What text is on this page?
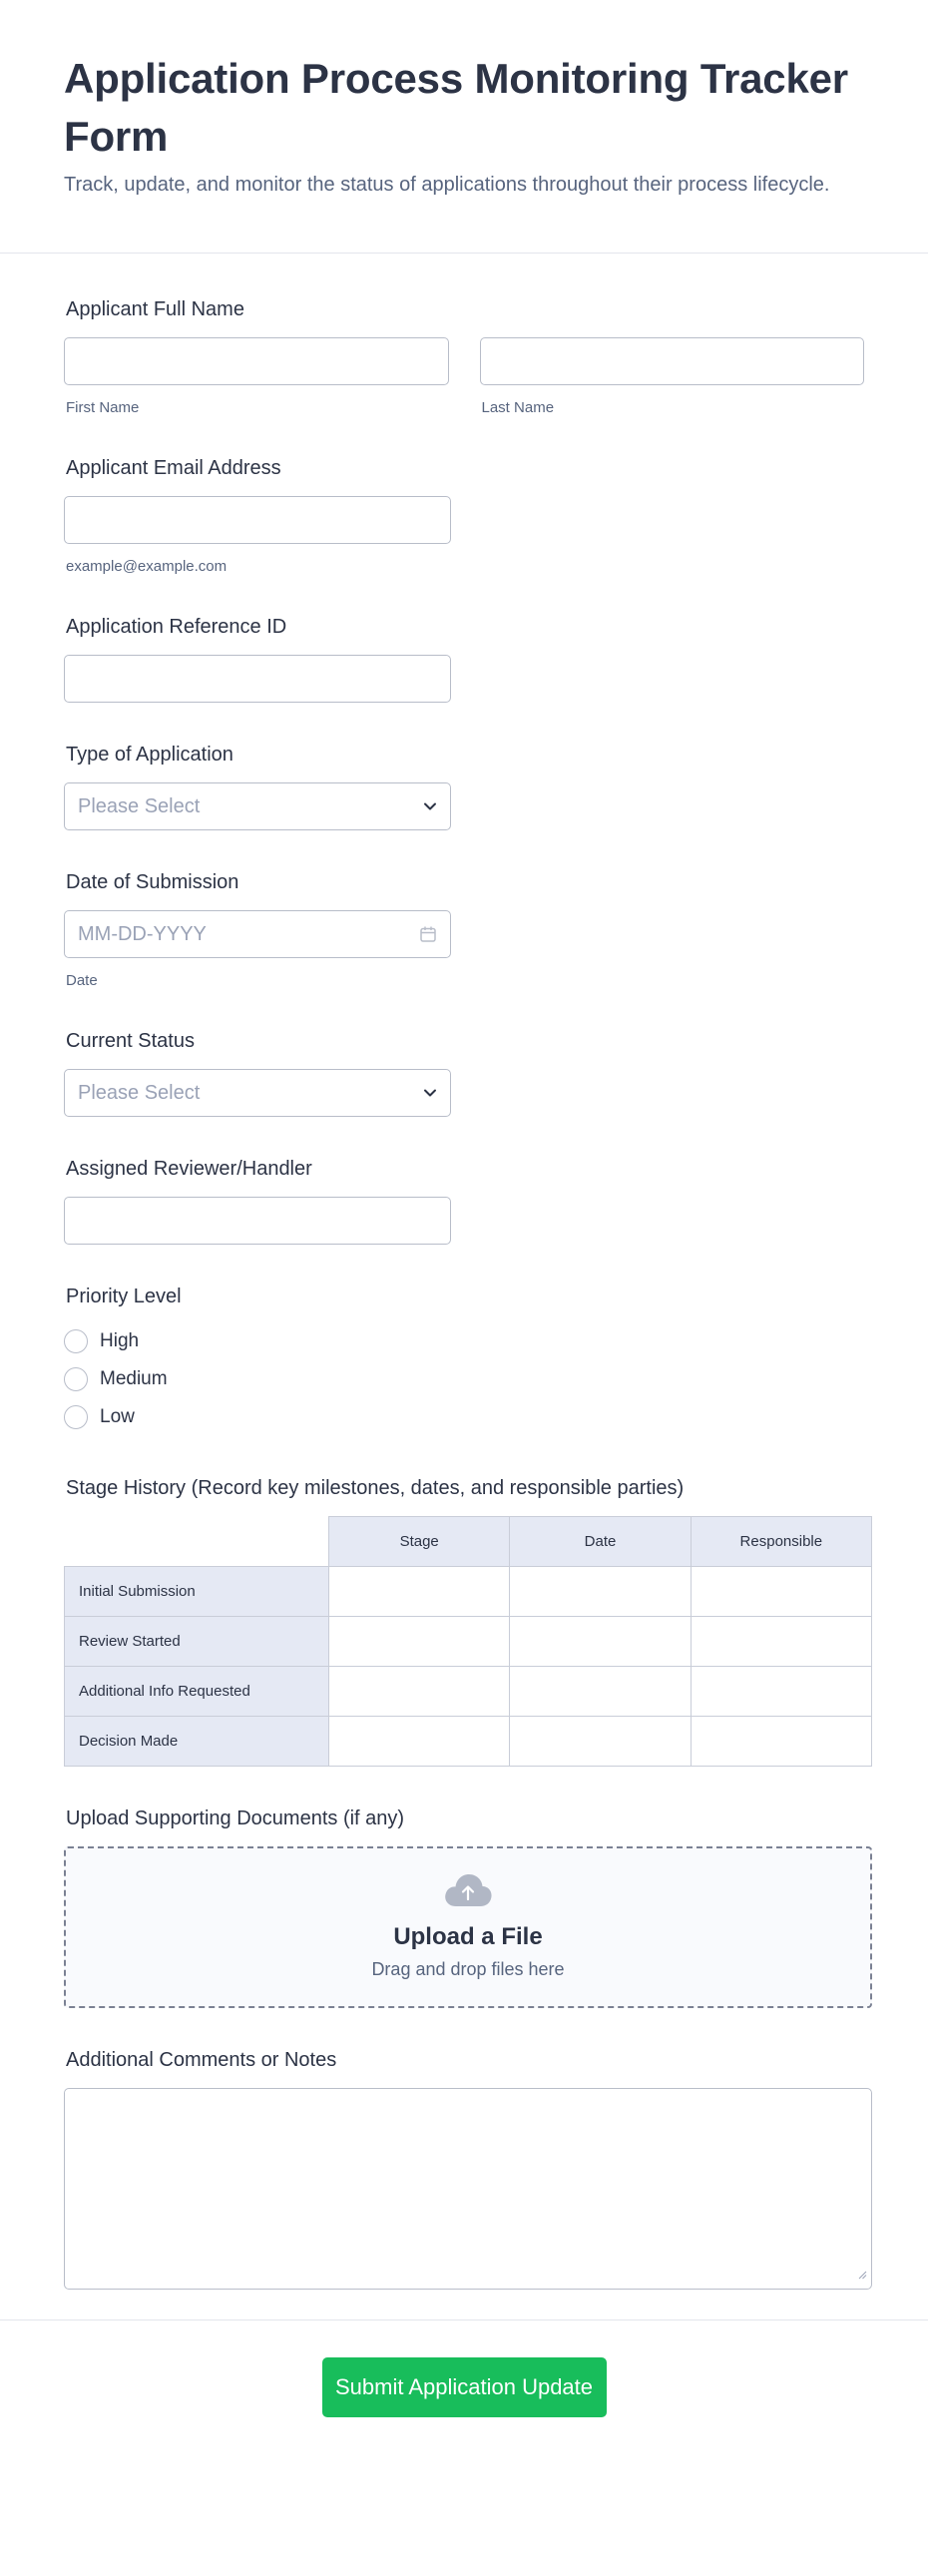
Application Process Monitoring Tracker Form

Track, update, and monitor the status of applications throughout their process lifecycle.

Applicant Full Name
First Name	Last Name
Applicant Email Address
example@example.com
Application Reference ID
Type of Application
Please Select
Date of Submission
MM-DD-YYYY
Date
Current Status
Please Select
Assigned Reviewer/Handler
Priority Level
High
Medium
Low
Stage History (Record key milestones, dates, and responsible parties)
	Stage	Date	Responsible
Initial Submission			
Review Started			
Additional Info Requested			
Decision Made			
Upload Supporting Documents (if any)
Upload a File
Drag and drop files here
Additional Comments or Notes
Submit Application Update
